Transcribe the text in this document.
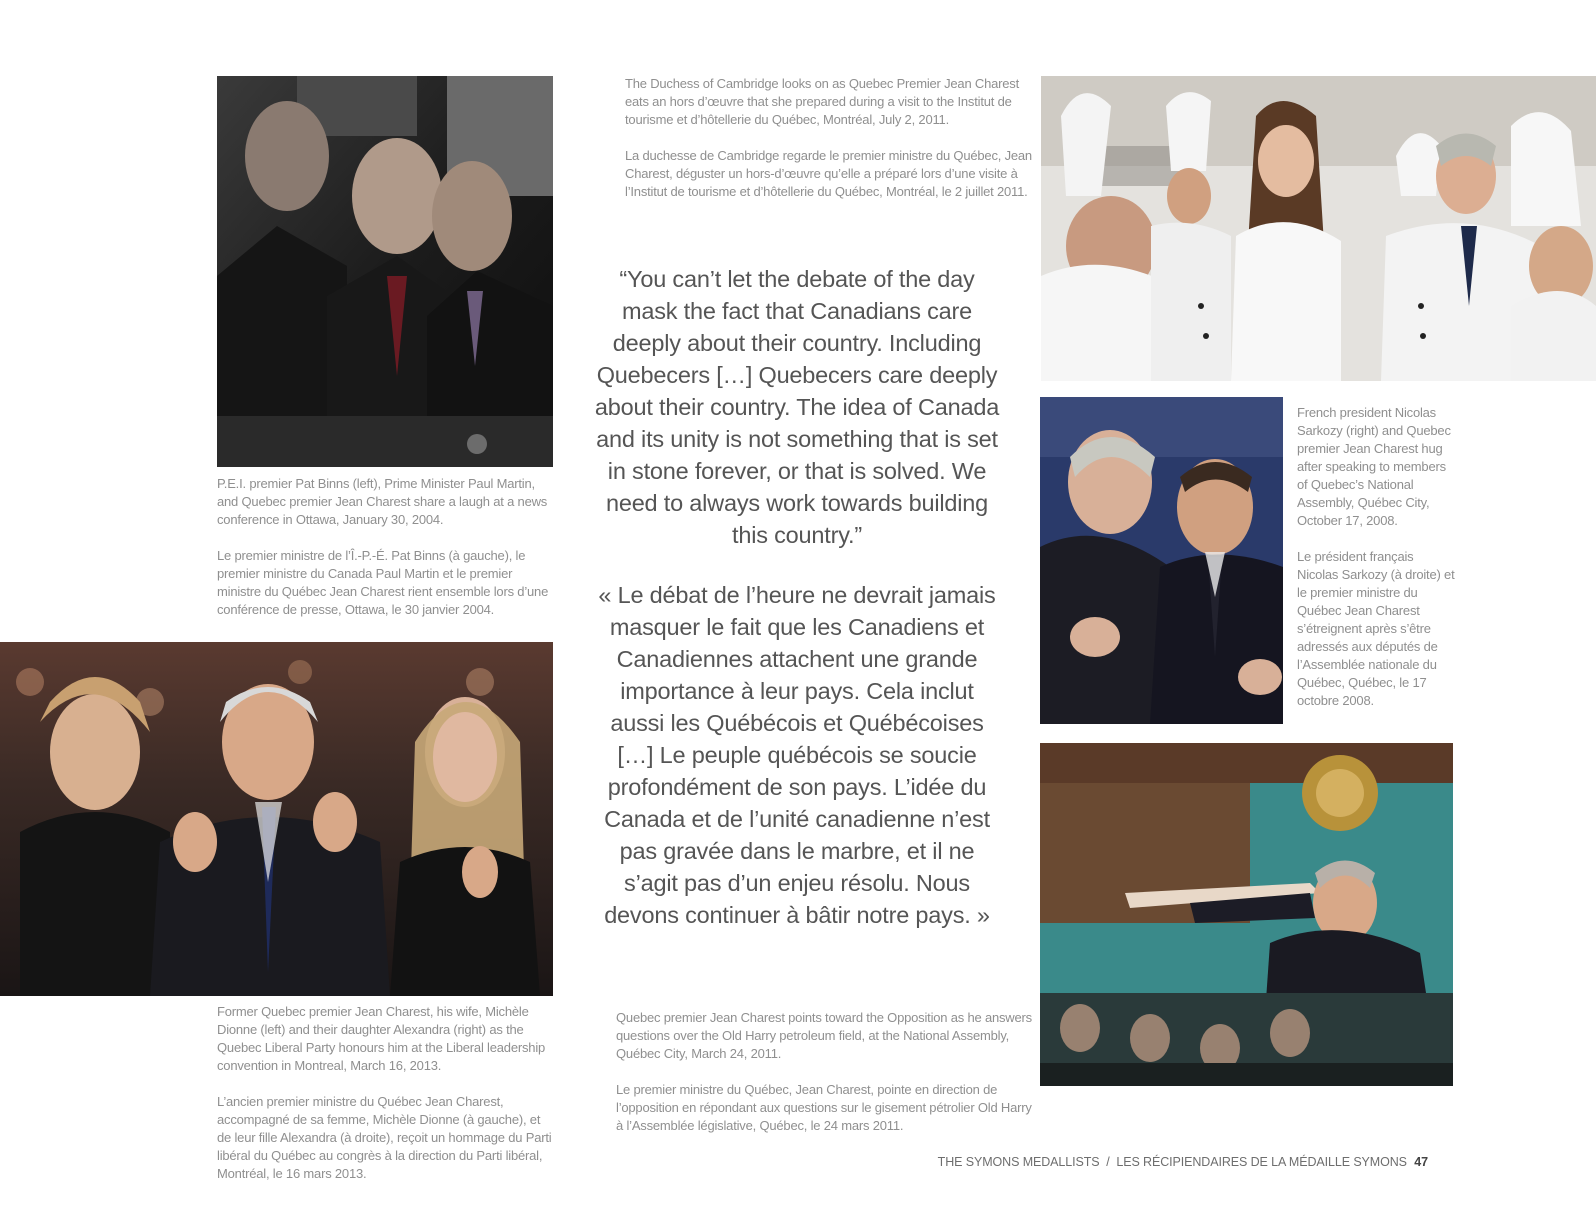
P.E.I. premier Pat Binns (left), Prime Minister Paul Martin, and Quebec premier Jean Charest share a laugh at a news conference in Ottawa, January 30, 2004.

Le premier ministre de l’Î.-P.-É. Pat Binns (à gauche), le premier ministre du Canada Paul Martin et le premier ministre du Québec Jean Charest rient ensemble lors d’une conférence de presse, Ottawa, le 30 janvier 2004.

Former Quebec premier Jean Charest, his wife, Michèle Dionne (left) and their daughter Alexandra (right) as the Quebec Liberal Party honours him at the Liberal leadership convention in Montreal, March 16, 2013.

L’ancien premier ministre du Québec Jean Charest, accompagné de sa femme, Michèle Dionne (à gauche), et de leur fille Alexandra (à droite), reçoit un hommage du Parti libéral du Québec au congrès à la direction du Parti libéral, Montréal, le 16 mars 2013.

The Duchess of Cambridge looks on as Quebec Premier Jean Charest eats an hors d’œuvre that she prepared during a visit to the Institut de tourisme et d’hôtellerie du Québec, Montréal, July 2, 2011.

La duchesse de Cambridge regarde le premier ministre du Québec, Jean Charest, déguster un hors-d’œuvre qu’elle a préparé lors d’une visite à l’Institut de tourisme et d’hôtellerie du Québec, Montréal, le 2 juillet 2011.

“You can’t let the debate of the day mask the fact that Canadians care deeply about their country. Including Quebecers […] Quebecers care deeply about their country. The idea of Canada and its unity is not something that is set in stone forever, or that is solved. We need to always work towards building this country.”

« Le débat de l’heure ne devrait jamais masquer le fait que les Canadiens et Canadiennes attachent une grande importance à leur pays. Cela inclut aussi les Québécois et Québécoises […] Le peuple québécois se soucie profondément de son pays. L’idée du Canada et de l’unité canadienne n’est pas gravée dans le marbre, et il ne s’agit pas d’un enjeu résolu. Nous devons continuer à bâtir notre pays. »

Quebec premier Jean Charest points toward the Opposition as he answers questions over the Old Harry petroleum field, at the National Assembly, Québec City, March 24, 2011.

Le premier ministre du Québec, Jean Charest, pointe en direction de l’opposition en répondant aux questions sur le gisement pétrolier Old Harry à l’Assemblée législative, Québec, le 24 mars 2011.

French president Nicolas Sarkozy (right) and Quebec premier Jean Charest hug after speaking to members of Quebec’s National Assembly, Québec City, October 17, 2008.

Le président français Nicolas Sarkozy (à droite) et le premier ministre du Québec Jean Charest s’étreignent après s’être adressés aux députés de l’Assemblée nationale du Québec, Québec, le 17 octobre 2008.

THE SYMONS MEDALLISTS  /  LES RÉCIPIENDAIRES DE LA MÉDAILLE SYMONS 47
